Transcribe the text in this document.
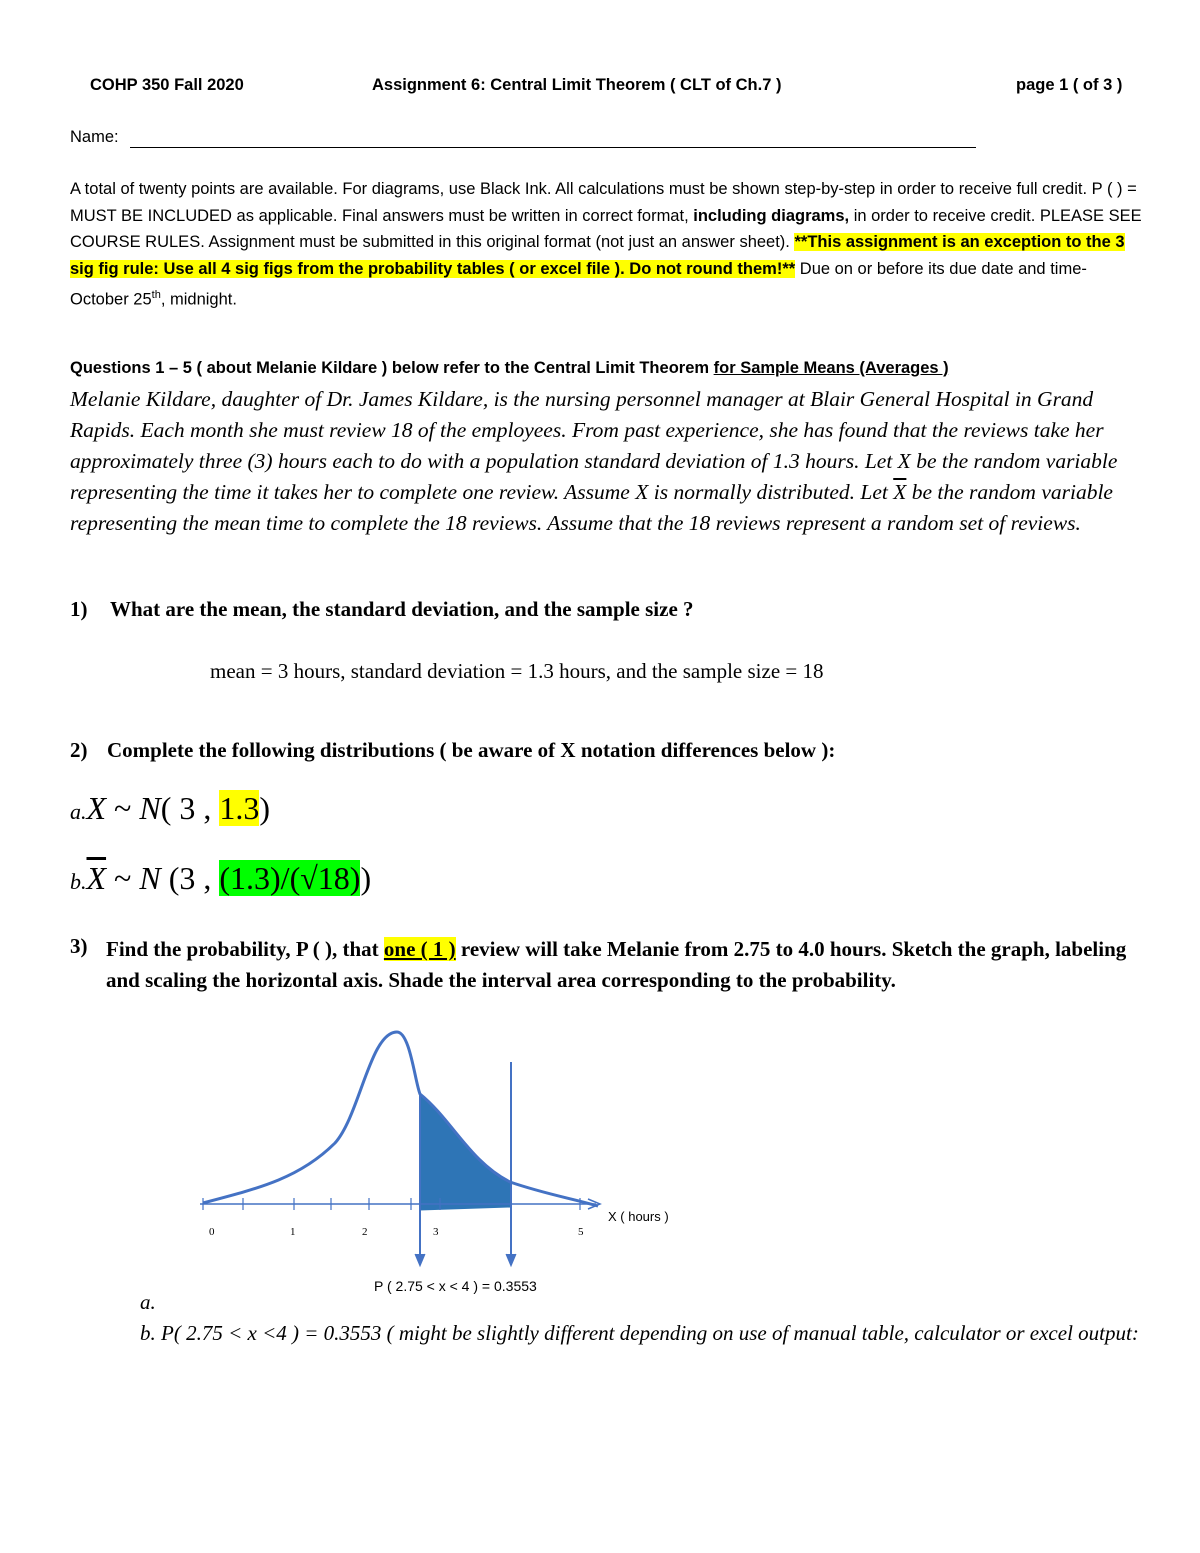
COHP 350 Fall 2020	Assignment 6: Central Limit Theorem ( CLT of Ch.7 )	page 1 ( of 3 )
Name:
A total of twenty points are available. For diagrams, use Black Ink. All calculations must be shown step-by-step in order to receive full credit. P ( ) = MUST BE INCLUDED as applicable. Final answers must be written in correct format, including diagrams, in order to receive credit. PLEASE SEE COURSE RULES. Assignment must be submitted in this original format (not just an answer sheet). **This assignment is an exception to the 3 sig fig rule: Use all 4 sig figs from the probability tables ( or excel file ). Do not round them!** Due on or before its due date and time- October 25th, midnight.
Questions 1 – 5 ( about Melanie Kildare ) below refer to the Central Limit Theorem for Sample Means (Averages )
Melanie Kildare, daughter of Dr. James Kildare, is the nursing personnel manager at Blair General Hospital in Grand Rapids. Each month she must review 18 of the employees. From past experience, she has found that the reviews take her approximately three (3) hours each to do with a population standard deviation of 1.3 hours. Let X be the random variable representing the time it takes her to complete one review. Assume X is normally distributed. Let $\overline{X}$ be the random variable representing the mean time to complete the 18 reviews. Assume that the 18 reviews represent a random set of reviews.
1) What are the mean, the standard deviation, and the sample size ?
mean = 3 hours, standard deviation = 1.3 hours, and the sample size = 18
2) Complete the following distributions ( be aware of X notation differences below ):
a.X ~ N( 3 , 1.3)
$b.\overline{X}$ ~ N (3 , (1.3)/(√18))
3) Find the probability, P ( ), that one ( 1 ) review will take Melanie from 2.75 to 4.0 hours. Sketch the graph, labeling and scaling the horizontal axis. Shade the interval area corresponding to the probability.
0	1	2	3	5
X ( hours )
P ( 2.75 < x < 4 ) = 0.3553
a.
b. P( 2.75 < x <4 ) = 0.3553 ( might be slightly different depending on use of manual table, calculator or excel output:
